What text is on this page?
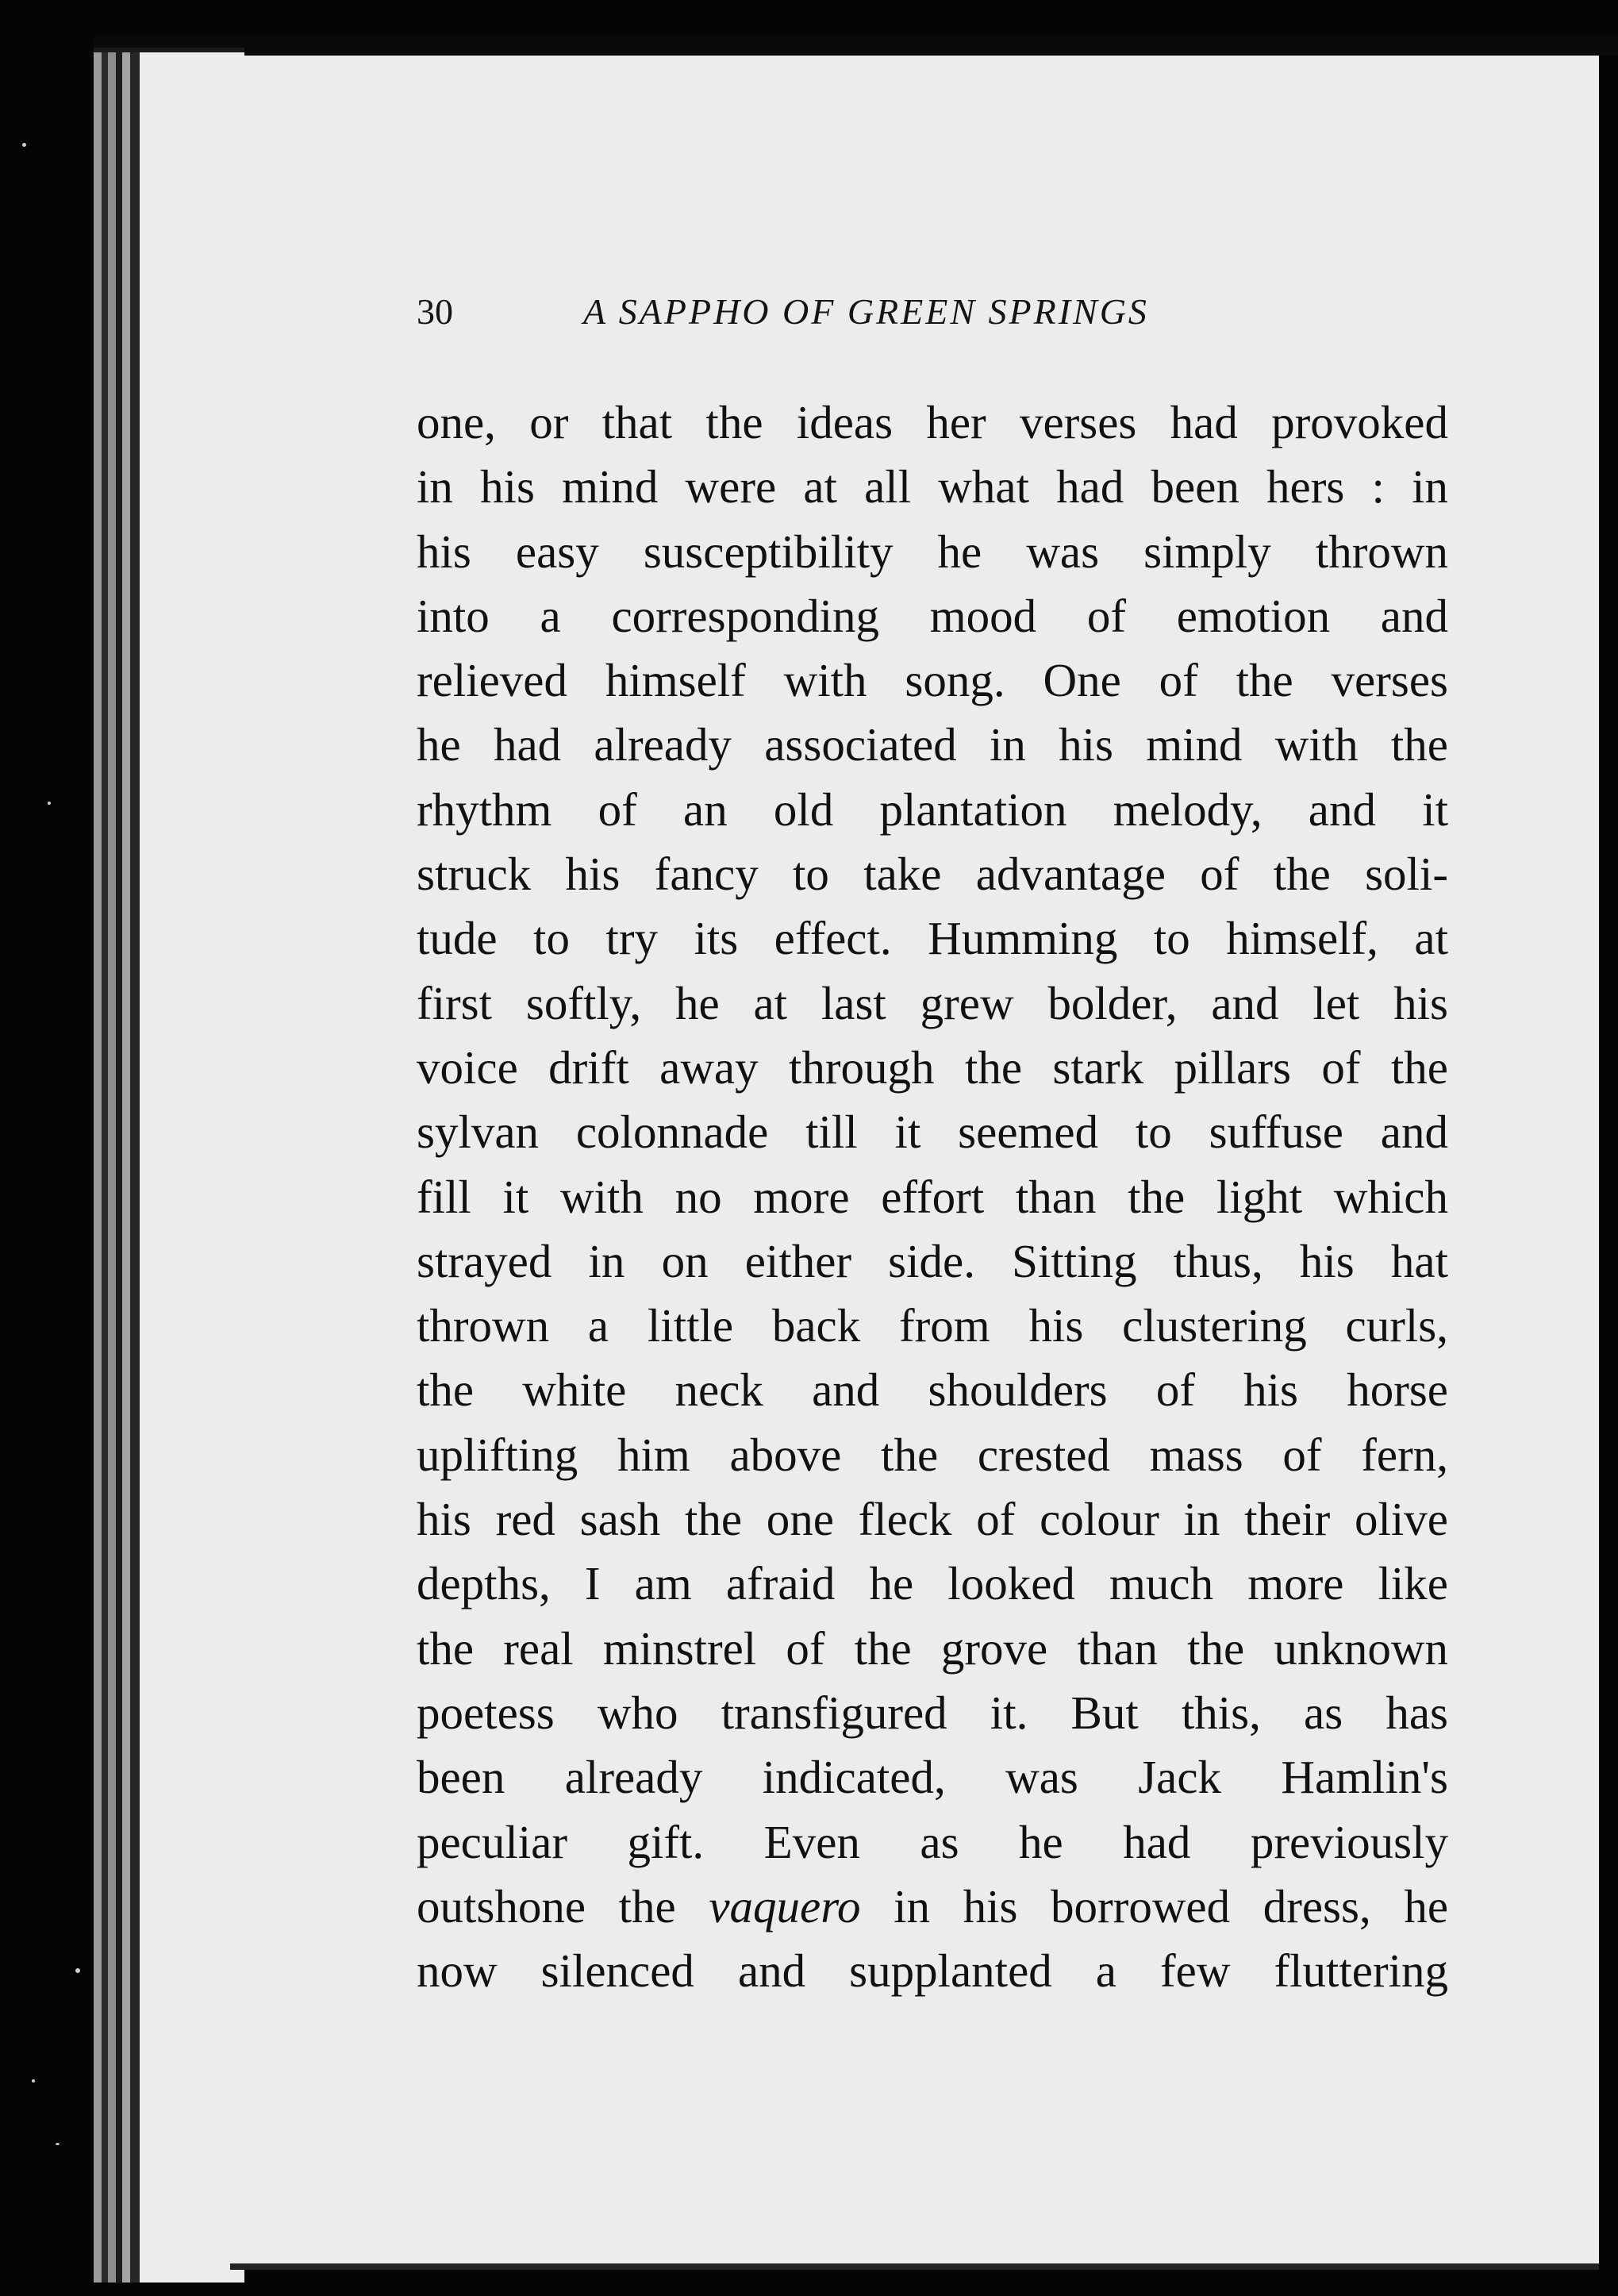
30	A SAPPHO OF GREEN SPRINGS
one, or that the ideas her verses had provoked
in his mind were at all what had been hers : in
his easy susceptibility he was simply thrown
into a corresponding mood of emotion and
relieved himself with song. One of the verses
he had already associated in his mind with the
rhythm of an old plantation melody, and it
struck his fancy to take advantage of the soli-
tude to try its effect. Humming to himself, at
first softly, he at last grew bolder, and let his
voice drift away through the stark pillars of the
sylvan colonnade till it seemed to suffuse and
fill it with no more effort than the light which
strayed in on either side. Sitting thus, his hat
thrown a little back from his clustering curls,
the white neck and shoulders of his horse
uplifting him above the crested mass of fern,
his red sash the one fleck of colour in their olive
depths, I am afraid he looked much more like
the real minstrel of the grove than the unknown
poetess who transfigured it. But this, as has
been already indicated, was Jack Hamlin's
peculiar gift. Even as he had previously
outshone the vaquero in his borrowed dress, he
now silenced and supplanted a few fluttering
